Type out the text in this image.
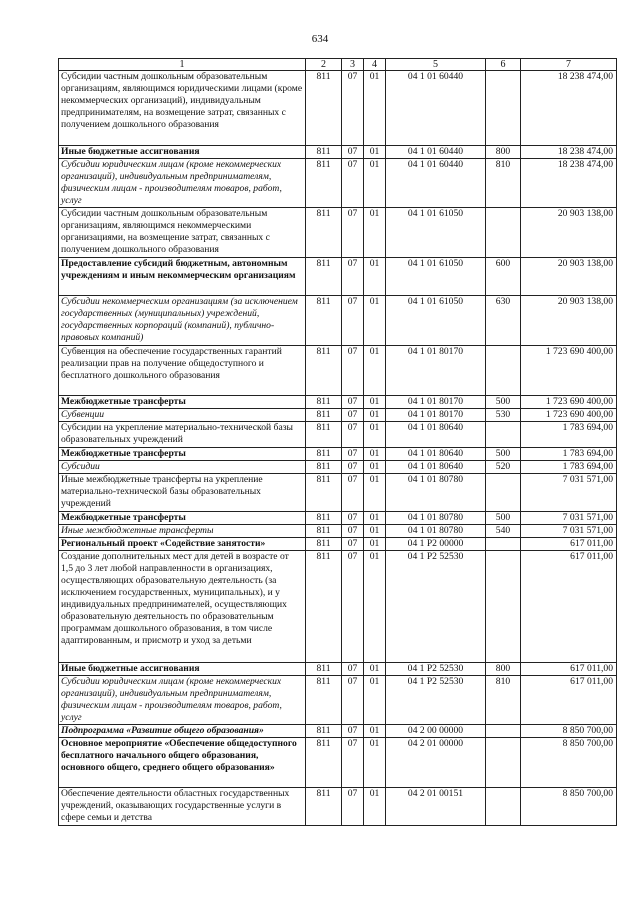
634
1	2	3	4	5	6	7
Субсидии частным дошкольным образовательным организациям, являющимся юридическими лицами (кроме некоммерческих организаций), индивидуальным предпринимателям, на возмещение затрат, связанных с получением дошкольного образования	811	07	01	04 1 01 60440		18 238 474,00
Иные бюджетные ассигнования	811	07	01	04 1 01 60440	800	18 238 474,00
Субсидии юридическим лицам (кроме некоммерческих организаций), индивидуальным предпринимателям, физическим лицам - производителям товаров, работ, услуг	811	07	01	04 1 01 60440	810	18 238 474,00
Субсидии частным дошкольным образовательным организациям, являющимся некоммерческими организациями, на возмещение затрат, связанных с получением дошкольного образования	811	07	01	04 1 01 61050		20 903 138,00
Предоставление субсидий бюджетным, автономным учреждениям и иным некоммерческим организациям	811	07	01	04 1 01 61050	600	20 903 138,00
Субсидии некоммерческим организациям (за исключением государственных (муниципальных) учреждений, государственных корпораций (компаний), публично-правовых компаний)	811	07	01	04 1 01 61050	630	20 903 138,00
Субвенция на обеспечение государственных гарантий реализации прав на получение общедоступного и бесплатного дошкольного образования	811	07	01	04 1 01 80170		1 723 690 400,00
Межбюджетные трансферты	811	07	01	04 1 01 80170	500	1 723 690 400,00
Субвенции	811	07	01	04 1 01 80170	530	1 723 690 400,00
Субсидии на укрепление материально-технической базы образовательных учреждений	811	07	01	04 1 01 80640		1 783 694,00
Межбюджетные трансферты	811	07	01	04 1 01 80640	500	1 783 694,00
Субсидии	811	07	01	04 1 01 80640	520	1 783 694,00
Иные межбюджетные трансферты на укрепление материально-технической базы образовательных учреждений	811	07	01	04 1 01 80780		7 031 571,00
Межбюджетные трансферты	811	07	01	04 1 01 80780	500	7 031 571,00
Иные межбюджетные трансферты	811	07	01	04 1 01 80780	540	7 031 571,00
Региональный проект «Содействие занятости»	811	07	01	04 1 P2 00000		617 011,00
Создание дополнительных мест для детей в возрасте от 1,5 до 3 лет любой направленности в организациях, осуществляющих образовательную деятельность (за исключением государственных, муниципальных), и у индивидуальных предпринимателей, осуществляющих образовательную деятельность по образовательным программам дошкольного образования, в том числе адаптированным, и присмотр и уход за детьми	811	07	01	04 1 P2 52530		617 011,00
Иные бюджетные ассигнования	811	07	01	04 1 P2 52530	800	617 011,00
Субсидии юридическим лицам (кроме некоммерческих организаций), индивидуальным предпринимателям, физическим лицам - производителям товаров, работ, услуг	811	07	01	04 1 P2 52530	810	617 011,00
Подпрограмма «Развитие общего образования»	811	07	01	04 2 00 00000		8 850 700,00
Основное мероприятие «Обеспечение общедоступного бесплатного начального общего образования, основного общего, среднего общего образования»	811	07	01	04 2 01 00000		8 850 700,00
Обеспечение деятельности областных государственных учреждений, оказывающих государственные услуги в сфере семьи и детства	811	07	01	04 2 01 00151		8 850 700,00
